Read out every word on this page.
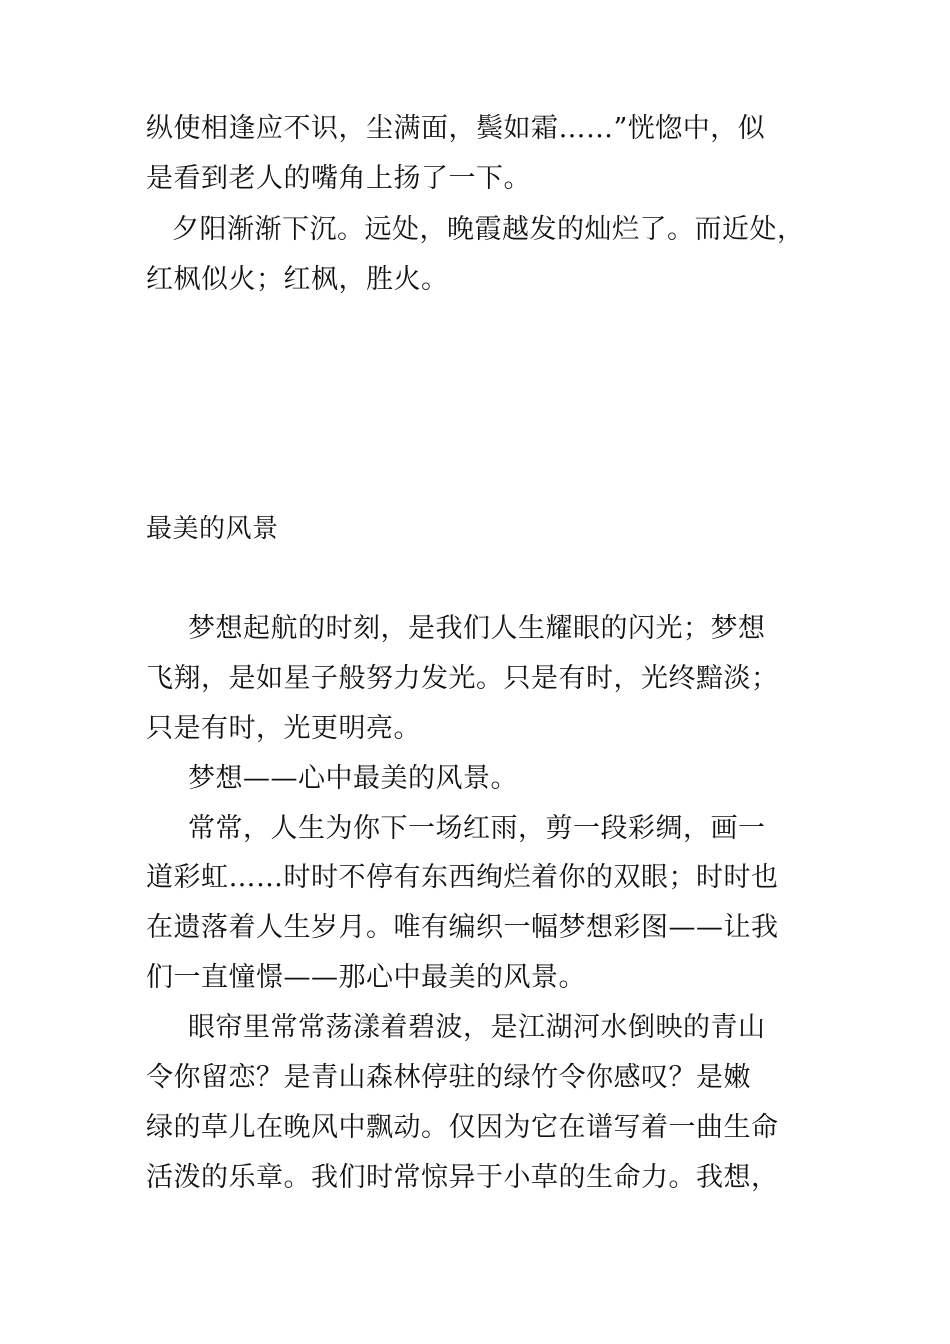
纵使相逢应不识，尘满面，鬓如霜……”恍惚中，似
是看到老人的嘴角上扬了一下。
夕阳渐渐下沉。远处，晚霞越发的灿烂了。而近处，
红枫似火；红枫，胜火。
最美的风景
梦想起航的时刻，是我们人生耀眼的闪光；梦想
飞翔，是如星子般努力发光。只是有时，光终黯淡；
只是有时，光更明亮。
梦想——心中最美的风景。
常常，人生为你下一场红雨，剪一段彩绸，画一
道彩虹……时时不停有东西绚烂着你的双眼；时时也
在遗落着人生岁月。唯有编织一幅梦想彩图——让我
们一直憧憬——那心中最美的风景。
眼帘里常常荡漾着碧波，是江湖河水倒映的青山
令你留恋？是青山森林停驻的绿竹令你感叹？是嫩
绿的草儿在晚风中飘动。仅因为它在谱写着一曲生命
活泼的乐章。我们时常惊异于小草的生命力。我想，
